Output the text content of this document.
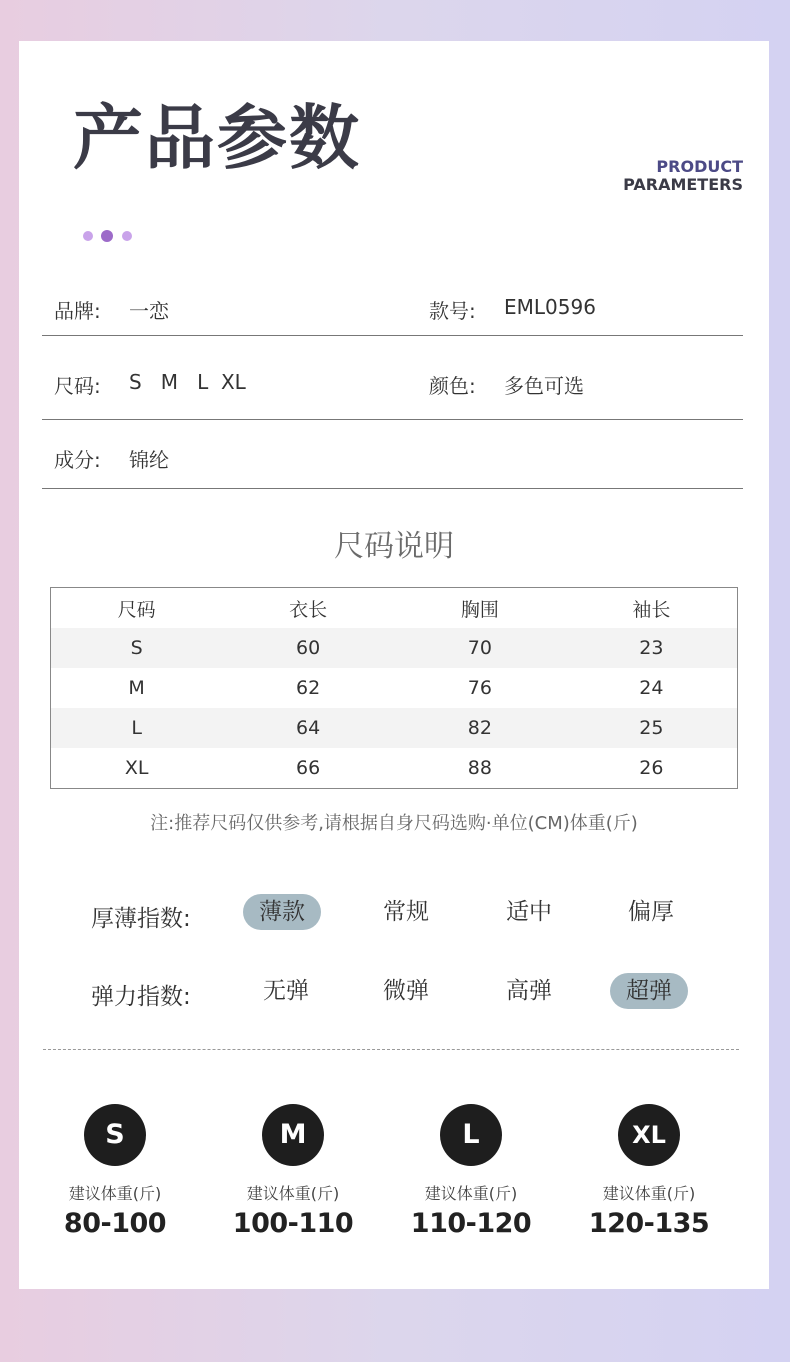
产品参数	PRODUCT
PARAMETERS
品牌: 一恋	款号: EML0596
尺码: S   M   L  XL	颜色: 多色可选
成分: 锦纶
尺码说明
尺码	衣长	胸围	袖长
S	60	70	23
M	62	76	24
L	64	82	25
XL	66	88	26
注:推荐尺码仅供参考,请根据自身尺码选购·单位(CM)体重(斤)
厚薄指数:	薄款	常规	适中	偏厚
弹力指数:	无弹	微弹	高弹	超弹
S
建议体重(斤)
80-100
M
建议体重(斤)
100-110
L
建议体重(斤)
110-120
XL
建议体重(斤)
120-135
